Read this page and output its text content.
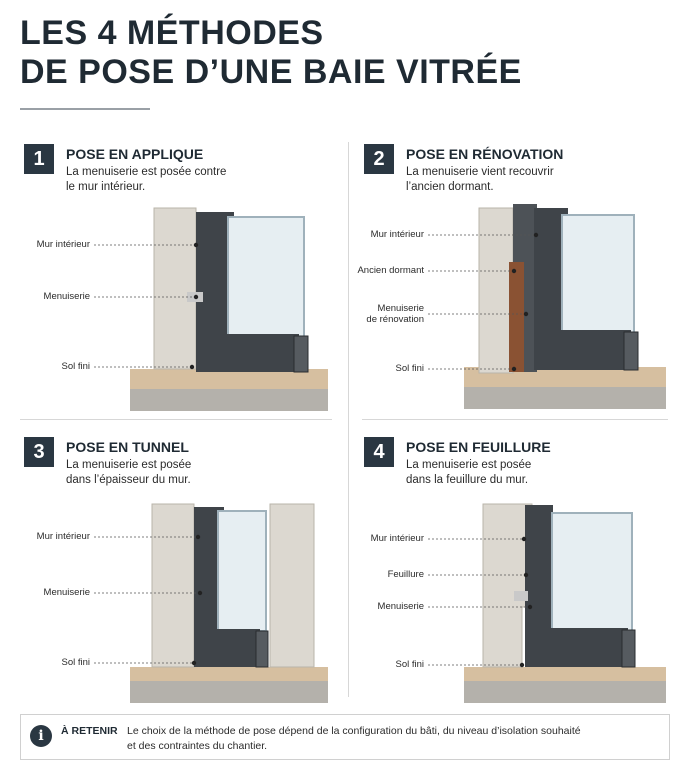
LES 4 MÉTHODES
DE POSE D’UNE BAIE VITRÉE
1	POSE EN APPLIQUE
La menuiserie est posée contre
le mur intérieur.
Mur intérieur
Menuiserie
Sol fini
2	POSE EN RÉNOVATION
La menuiserie vient recouvrir
l’ancien dormant.
Mur intérieur
Ancien dormant
Menuiserie
de rénovation
Sol fini
3	POSE EN TUNNEL
La menuiserie est posée
dans l’épaisseur du mur.
Mur intérieur
Menuiserie
Sol fini
4	POSE EN FEUILLURE
La menuiserie est posée
dans la feuillure du mur.
Mur intérieur
Feuillure
Menuiserie
Sol fini
i	À RETENIR Le choix de la méthode de pose dépend de la configuration du bâti, du niveau d’isolation souhaité
et des contraintes du chantier.
